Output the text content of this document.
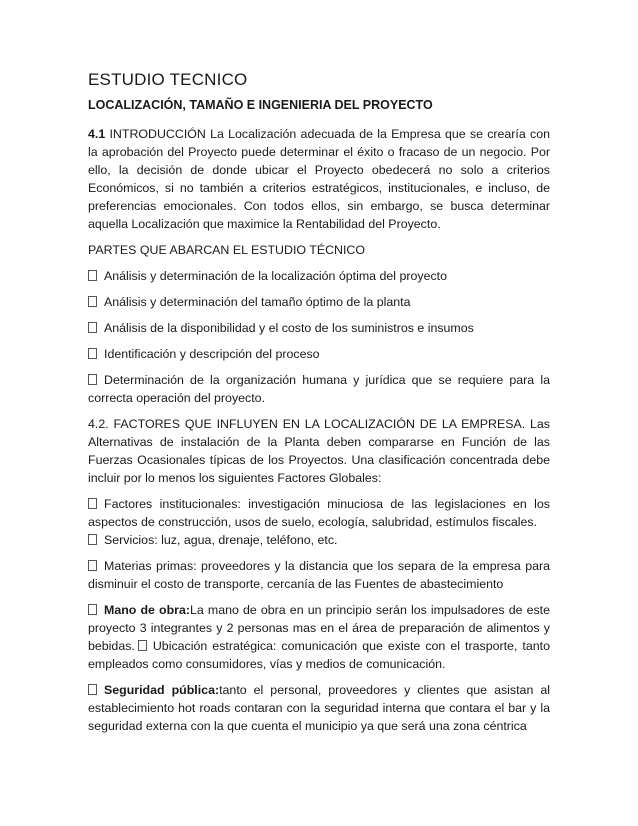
ESTUDIO TECNICO
LOCALIZACIÓN, TAMAÑO E INGENIERIA DEL PROYECTO

4.1 INTRODUCCIÓN La Localización adecuada de la Empresa que se crearía con la aprobación del Proyecto puede determinar el éxito o fracaso de un negocio. Por ello, la decisión de donde ubicar el Proyecto obedecerá no solo a criterios Económicos, si no también a criterios estratégicos, institucionales, e incluso, de preferencias emocionales. Con todos ellos, sin embargo, se busca determinar aquella Localización que maximice la Rentabilidad del Proyecto.

PARTES QUE ABARCAN EL ESTUDIO TÉCNICO

Análisis y determinación de la localización óptima del proyecto

Análisis y determinación del tamaño óptimo de la planta

Análisis de la disponibilidad y el costo de los suministros e insumos

Identificación y descripción del proceso

Determinación de la organización humana y jurídica que se requiere para la correcta operación del proyecto.

4.2. FACTORES QUE INFLUYEN EN LA LOCALIZACIÓN DE LA EMPRESA. Las Alternativas de instalación de la Planta deben compararse en Función de las Fuerzas Ocasionales típicas de los Proyectos. Una clasificación concentrada debe incluir por lo menos los siguientes Factores Globales:

Factores institucionales: investigación minuciosa de las legislaciones en los aspectos de construcción, usos de suelo, ecología, salubridad, estímulos fiscales.
Servicios: luz, agua, drenaje, teléfono, etc.

Materias primas: proveedores y la distancia que los separa de la empresa para disminuir el costo de transporte, cercanía de las Fuentes de abastecimiento

Mano de obra:La mano de obra en un principio serán los impulsadores de este proyecto 3 integrantes y 2 personas mas en el área de preparación de alimentos y bebidas. Ubicación estratégica: comunicación que existe con el trasporte, tanto empleados como consumidores, vías y medios de comunicación.

Seguridad pública:tanto el personal, proveedores y clientes que asistan al establecimiento hot roads contaran con la seguridad interna que contara el bar y la seguridad externa con la que cuenta el municipio ya que será una zona céntrica
